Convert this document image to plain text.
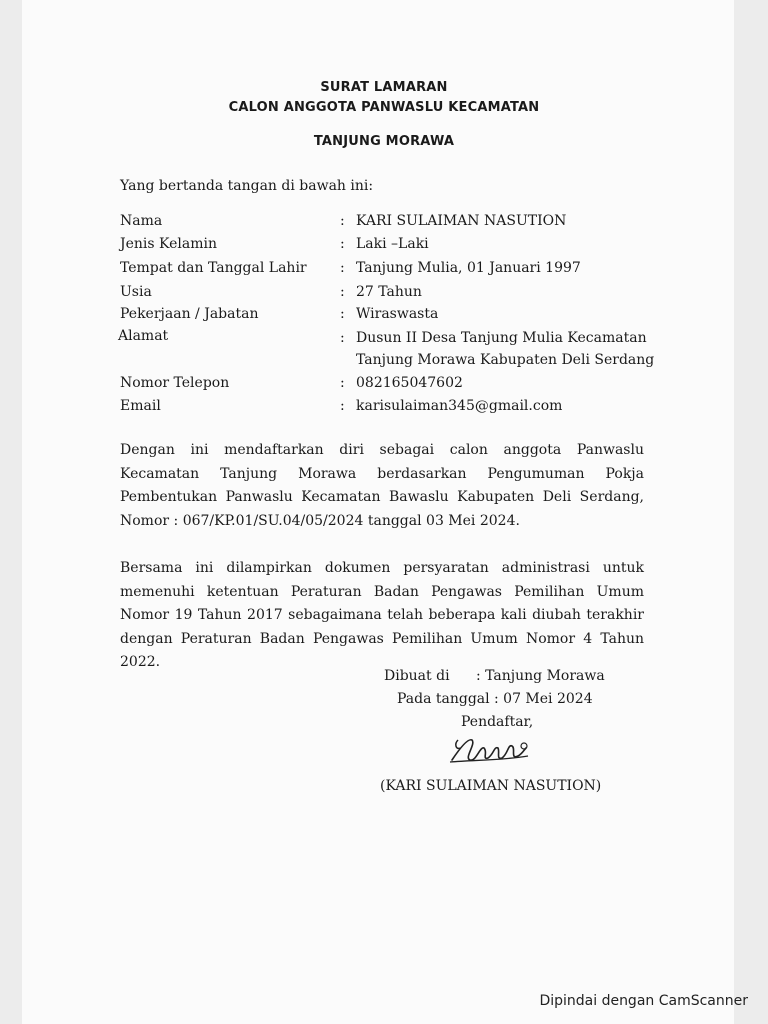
SURAT LAMARAN
CALON ANGGOTA PANWASLU KECAMATAN
TANJUNG MORAWA
Yang bertanda tangan di bawah ini:
Nama	: KARI SULAIMAN NASUTION
Jenis Kelamin	: Laki –Laki
Tempat dan Tanggal Lahir : Tanjung Mulia, 01 Januari 1997
Usia	: 27 Tahun
Pekerjaan / Jabatan	: Wiraswasta
Alamat	: Dusun II Desa Tanjung Mulia Kecamatan
Tanjung Morawa Kabupaten Deli Serdang
Nomor Telepon	: 082165047602
Email	: karisulaiman345@gmail.com
Dengan ini mendaftarkan diri sebagai calon anggota Panwaslu Kecamatan Tanjung Morawa berdasarkan Pengumuman Pokja Pembentukan Panwaslu Kecamatan Bawaslu Kabupaten Deli Serdang, Nomor : 067/KP.01/SU.04/05/2024 tanggal 03 Mei 2024.
Bersama ini dilampirkan dokumen persyaratan administrasi untuk memenuhi ketentuan Peraturan Badan Pengawas Pemilihan Umum Nomor 19 Tahun 2017 sebagaimana telah beberapa kali diubah terakhir dengan Peraturan Badan Pengawas Pemilihan Umum Nomor 4 Tahun 2022.
Dibuat di : Tanjung Morawa
Pada tanggal : 07 Mei 2024
Pendaftar,
(KARI SULAIMAN NASUTION)
Dipindai dengan CamScanner
